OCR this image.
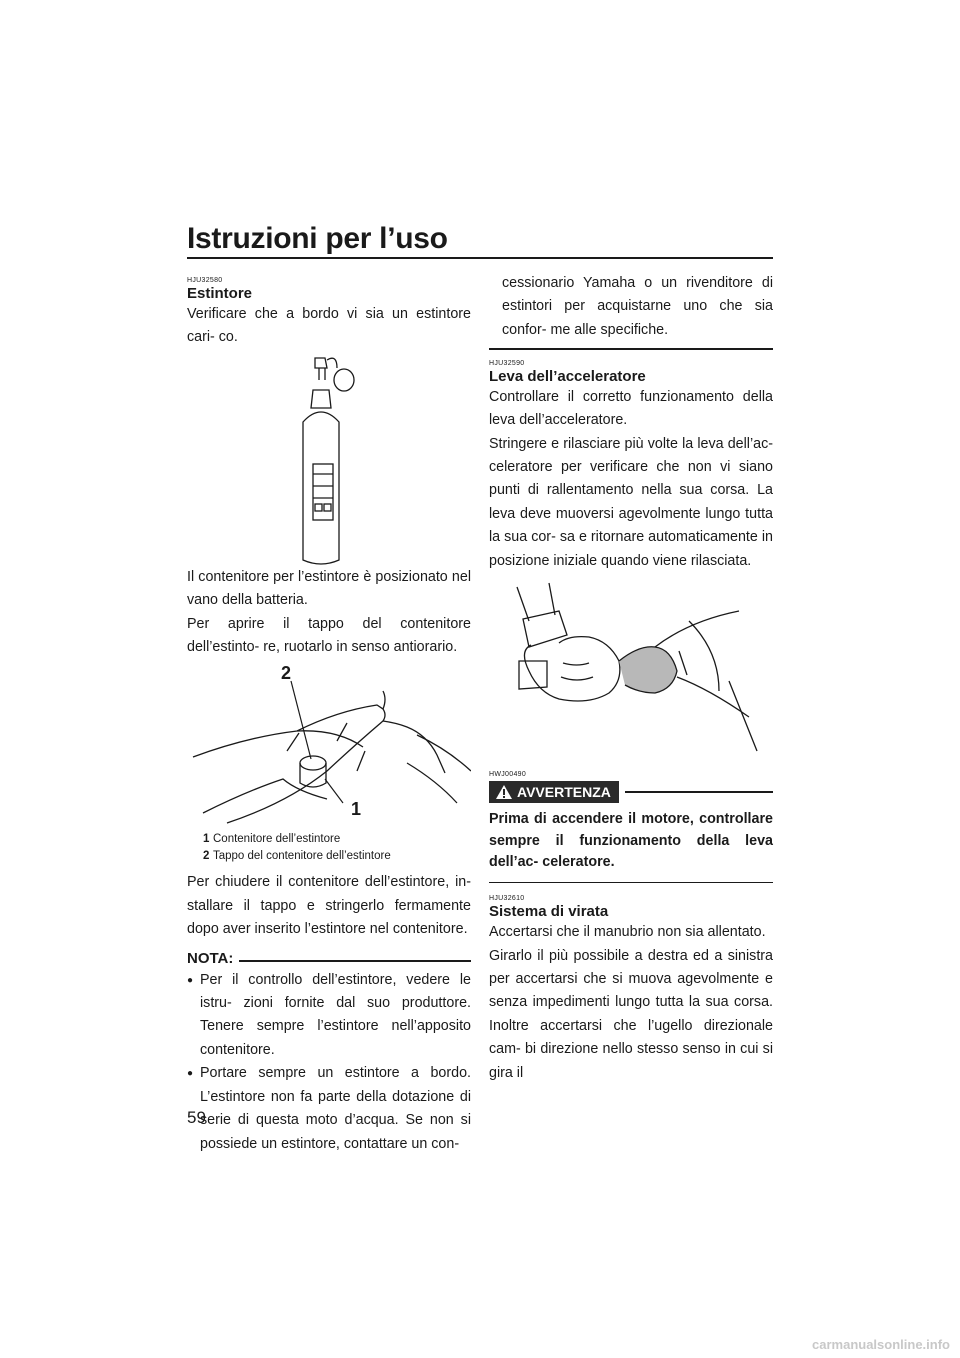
Istruzioni per l’uso
HJU32580
Estintore

Verificare che a bordo vi sia un estintore cari- co.

Il contenitore per l’estintore è posizionato nel vano della batteria.

Per aprire il tappo del contenitore dell’estinto- re, ruotarlo in senso antiorario.

2
1
1 Contenitore dell’estintore
2 Tappo del contenitore dell’estintore

Per chiudere il contenitore dell’estintore, in- stallare il tappo e stringerlo fermamente dopo aver inserito l’estintore nel contenitore.

NOTA:
● Per il controllo dell’estintore, vedere le istru- zioni fornite dal suo produttore. Tenere sempre l’estintore nell’apposito contenitore.
● Portare sempre un estintore a bordo. L’estintore non fa parte della dotazione di serie di questa moto d’acqua. Se non si possiede un estintore, contattare un con-

cessionario Yamaha o un rivenditore di estintori per acquistarne uno che sia confor- me alle specifiche.

HJU32590
Leva dell’acceleratore

Controllare il corretto funzionamento della leva dell’acceleratore.

Stringere e rilasciare più volte la leva dell’ac- celeratore per verificare che non vi siano punti di rallentamento nella sua corsa. La leva deve muoversi agevolmente lungo tutta la sua cor- sa e ritornare automaticamente in posizione iniziale quando viene rilasciata.

HWJ00490
AVVERTENZA

Prima di accendere il motore, controllare sempre il funzionamento della leva dell’ac- celeratore.

HJU32610
Sistema di virata

Accertarsi che il manubrio non sia allentato.

Girarlo il più possibile a destra ed a sinistra per accertarsi che si muova agevolmente e senza impedimenti lungo tutta la sua corsa. Inoltre accertarsi che l’ugello direzionale cam- bi direzione nello stesso senso in cui si gira il

59
carmanualsonline.info
